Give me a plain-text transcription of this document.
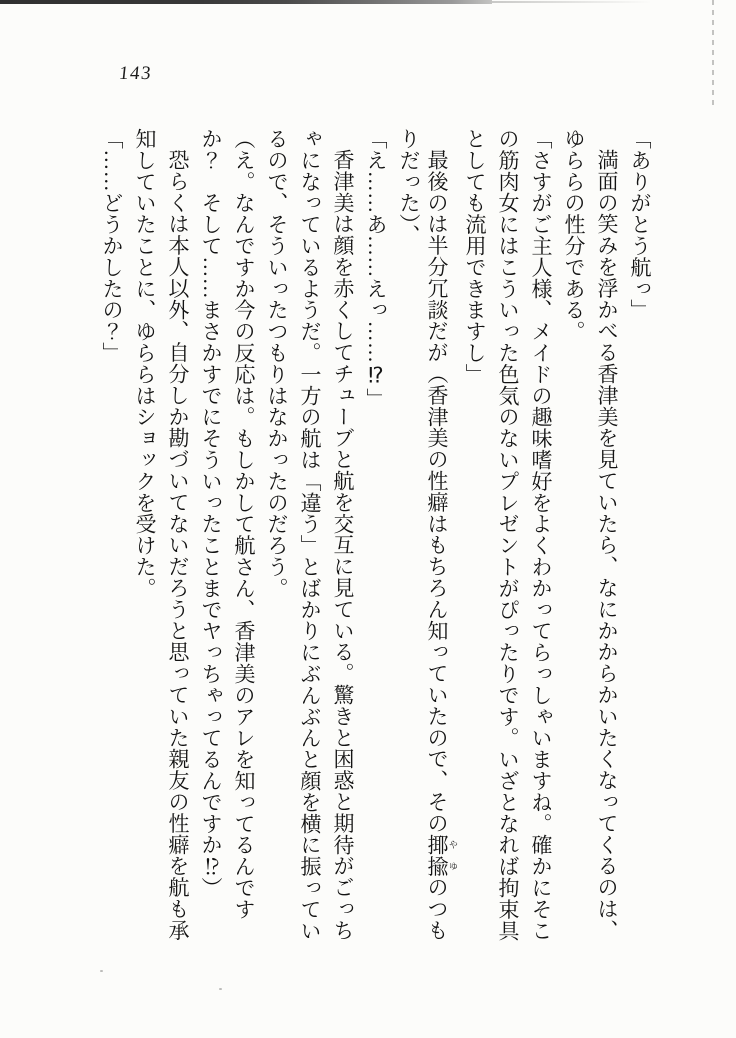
143
「ありがとう航っ」
満面の笑みを浮かべる香津美を見ていたら、なにかからかいたくなってくるのは、
ゆららの性分である。
「さすがご主人様、メイドの趣味嗜好をよくわかってらっしゃいますね。確かにそこ
の筋肉女にはこういった色気のないプレゼントがぴったりです。いざとなれば拘束具
としても流用できますし」
最後のは半分冗談だが（香津美の性癖はもちろん知っていたので、その揶揄 やゆのつも
りだった）、
「え……あ……えっ……⁉」
香津美は顔を赤くしてチューブと航を交互に見ている。驚きと困惑と期待がごっち
ゃになっているようだ。一方の航は「違う」とばかりにぶんぶんと顔を横に振ってい
るので、そういったつもりはなかったのだろう。
（え。なんですか今の反応は。もしかして航さん、香津美のアレを知ってるんです
か？　そして……まさかすでにそういったことまでヤっちゃってるんですか⁉）
恐らくは本人以外、自分しか勘づいてないだろうと思っていた親友の性癖を航も承
知していたことに、ゆららはショックを受けた。
「……どうかしたの？」
